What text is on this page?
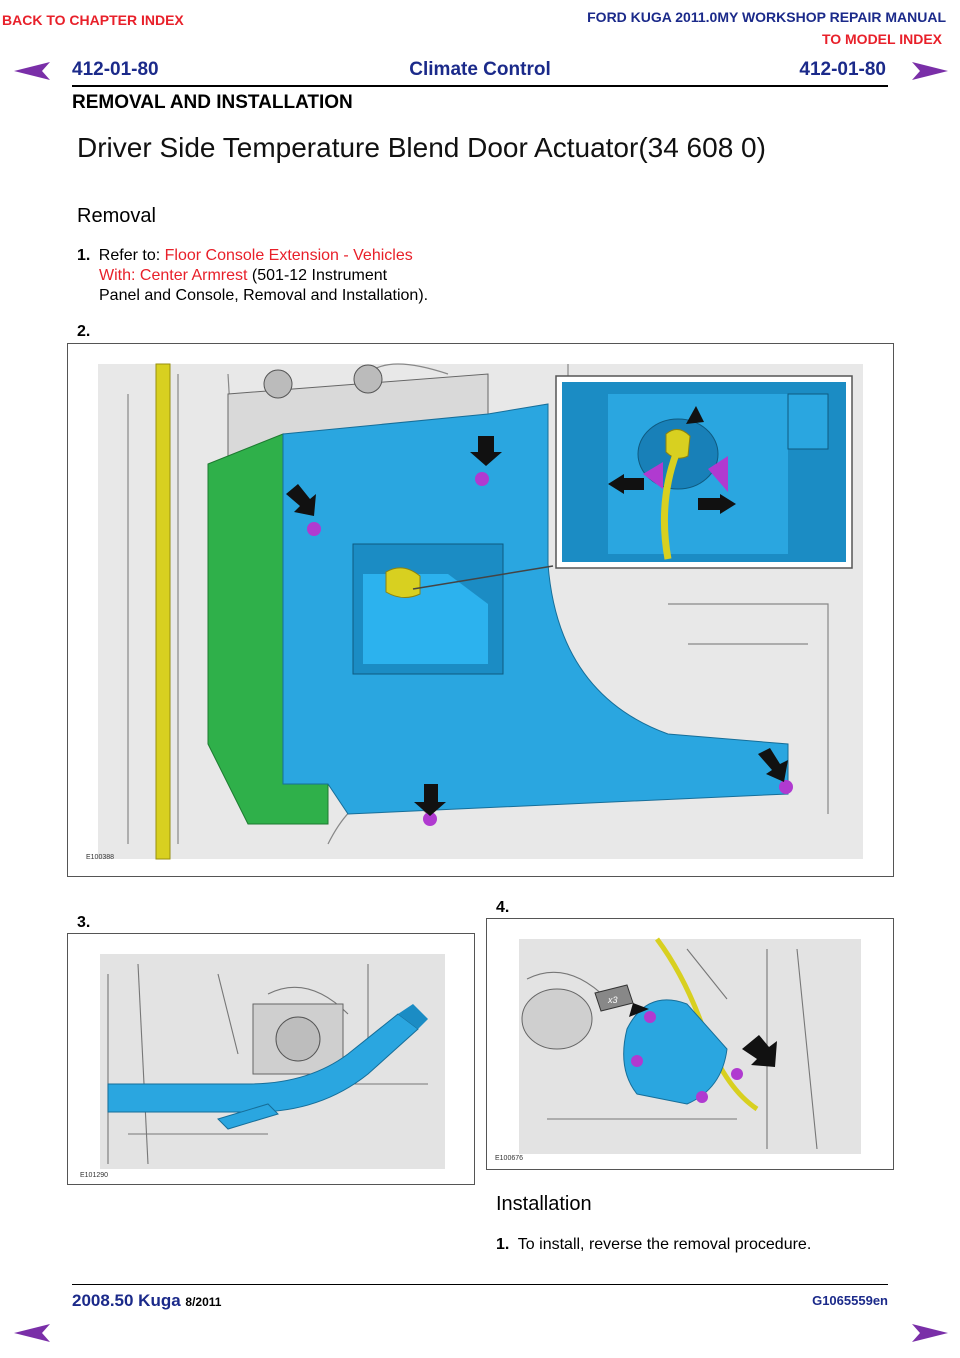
BACK TO CHAPTER INDEX	FORD KUGA 2011.0MY WORKSHOP REPAIR MANUAL
TO MODEL INDEX
412-01-80	Climate Control	412-01-80
REMOVAL AND INSTALLATION
Driver Side Temperature Blend Door Actuator(34 608 0)
Removal
1. Refer to: Floor Console Extension - Vehicles
With: Center Armrest (501-12 Instrument
Panel and Console, Removal and Installation).
2.
E100388
3.
E101290
4.
x3
E100676
Installation
1. To install, reverse the removal procedure.
2008.50 Kuga 8/2011	G1065559en
